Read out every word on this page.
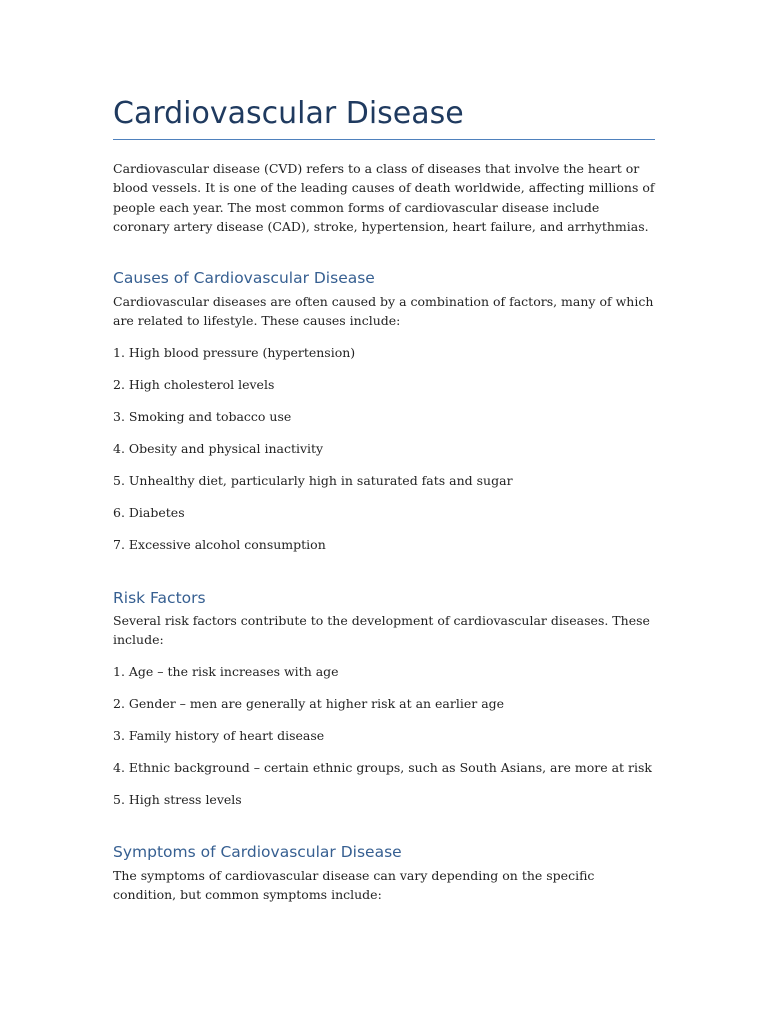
Cardiovascular Disease

Cardiovascular disease (CVD) refers to a class of diseases that involve the heart or blood vessels. It is one of the leading causes of death worldwide, affecting millions of people each year. The most common forms of cardiovascular disease include coronary artery disease (CAD), stroke, hypertension, heart failure, and arrhythmias.

Causes of Cardiovascular Disease

Cardiovascular diseases are often caused by a combination of factors, many of which are related to lifestyle. These causes include:

1. High blood pressure (hypertension)

2. High cholesterol levels

3. Smoking and tobacco use

4. Obesity and physical inactivity

5. Unhealthy diet, particularly high in saturated fats and sugar

6. Diabetes

7. Excessive alcohol consumption

Risk Factors

Several risk factors contribute to the development of cardiovascular diseases. These include:

1. Age – the risk increases with age

2. Gender – men are generally at higher risk at an earlier age

3. Family history of heart disease

4. Ethnic background – certain ethnic groups, such as South Asians, are more at risk

5. High stress levels

Symptoms of Cardiovascular Disease

The symptoms of cardiovascular disease can vary depending on the specific condition, but common symptoms include:
